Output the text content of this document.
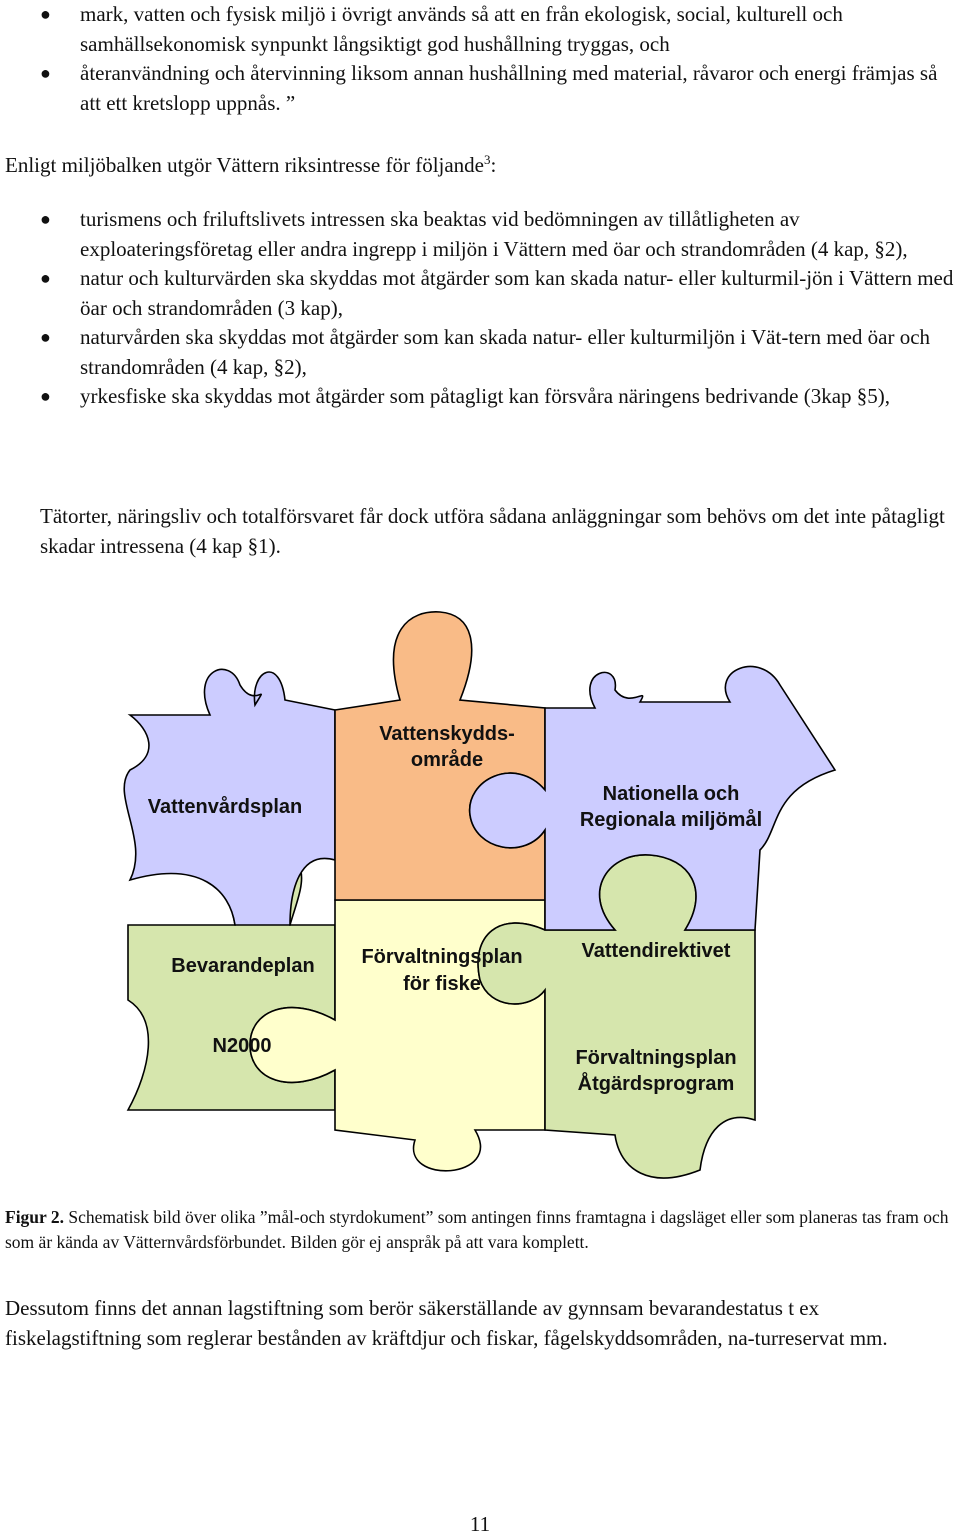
● mark, vatten och fysisk miljö i övrigt används så att en från ekologisk, social, kulturell och samhällsekonomisk synpunkt långsiktigt god hushållning tryggas, och
● återanvändning och återvinning liksom annan hushållning med material, råvaror och energi främjas så att ett kretslopp uppnås. ”

Enligt miljöbalken utgör Vättern riksintresse för följande$^3$:

● turismens och friluftslivets intressen ska beaktas vid bedömningen av tillåtligheten av exploateringsföretag eller andra ingrepp i miljön i Vättern med öar och strandområden (4 kap, §2),
● natur och kulturvärden ska skyddas mot åtgärder som kan skada natur- eller kulturmil-jön i Vättern med öar och strandområden (3 kap),
● naturvården ska skyddas mot åtgärder som kan skada natur- eller kulturmiljön i Vät-tern med öar och strandområden (4 kap, §2),
● yrkesfiske ska skyddas mot åtgärder som påtagligt kan försvåra näringens bedrivande (3kap §5),

Tätorter, näringsliv och totalförsvaret får dock utföra sådana anläggningar som behövs om det inte påtagligt skadar intressena (4 kap §1).

Vattenvårdsplan
Vattenskydds-
område
Nationella och
Regionala miljömål
Bevarandeplan
N2000
Förvaltningsplan
för fiske
Vattendirektivet
Förvaltningsplan
Åtgärdsprogram

Figur 2. Schematisk bild över olika ”mål-och styrdokument” som antingen finns framtagna i dagsläget eller som planeras tas fram och som är kända av Vätternvårdsförbundet. Bilden gör ej anspråk på att vara komplett.

Dessutom finns det annan lagstiftning som berör säkerställande av gynnsam bevarandestatus t ex fiskelagstiftning som reglerar bestånden av kräftdjur och fiskar, fågelskyddsområden, na-turreservat mm.

11
